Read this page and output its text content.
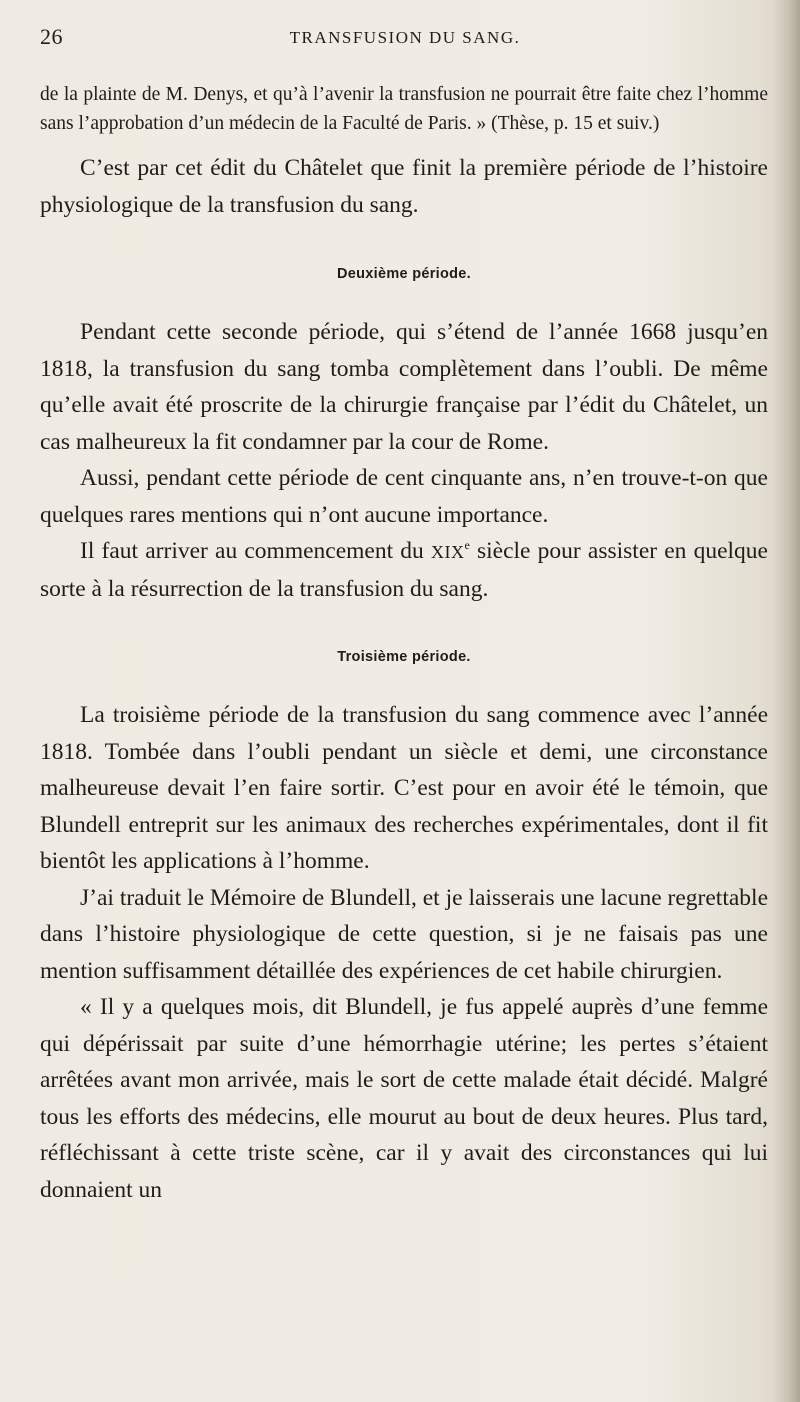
26	TRANSFUSION DU SANG.

de la plainte de M. Denys, et qu’à l’avenir la transfusion ne pourrait être faite chez l’homme sans l’approbation d’un médecin de la Faculté de Paris. » (Thèse, p. 15 et suiv.)

C’est par cet édit du Châtelet que finit la première période de l’histoire physiologique de la transfusion du sang.

Deuxième période.

Pendant cette seconde période, qui s’étend de l’année 1668 jusqu’en 1818, la transfusion du sang tomba complètement dans l’oubli. De même qu’elle avait été proscrite de la chirurgie française par l’édit du Châtelet, un cas malheureux la fit condamner par la cour de Rome.

Aussi, pendant cette période de cent cinquante ans, n’en trouve-t-on que quelques rares mentions qui n’ont aucune importance.

Il faut arriver au commencement du XIXe siècle pour assister en quelque sorte à la résurrection de la transfusion du sang.

Troisième période.

La troisième période de la transfusion du sang commence avec l’année 1818. Tombée dans l’oubli pendant un siècle et demi, une circonstance malheureuse devait l’en faire sortir. C’est pour en avoir été le témoin, que Blundell entreprit sur les animaux des recherches expérimentales, dont il fit bientôt les applications à l’homme.

J’ai traduit le Mémoire de Blundell, et je laisserais une lacune regrettable dans l’histoire physiologique de cette question, si je ne faisais pas une mention suffisamment détaillée des expériences de cet habile chirurgien.

« Il y a quelques mois, dit Blundell, je fus appelé auprès d’une femme qui dépérissait par suite d’une hémorrhagie utérine; les pertes s’étaient arrêtées avant mon arrivée, mais le sort de cette malade était décidé. Malgré tous les efforts des médecins, elle mourut au bout de deux heures. Plus tard, réfléchissant à cette triste scène, car il y avait des circonstances qui lui donnaient un
